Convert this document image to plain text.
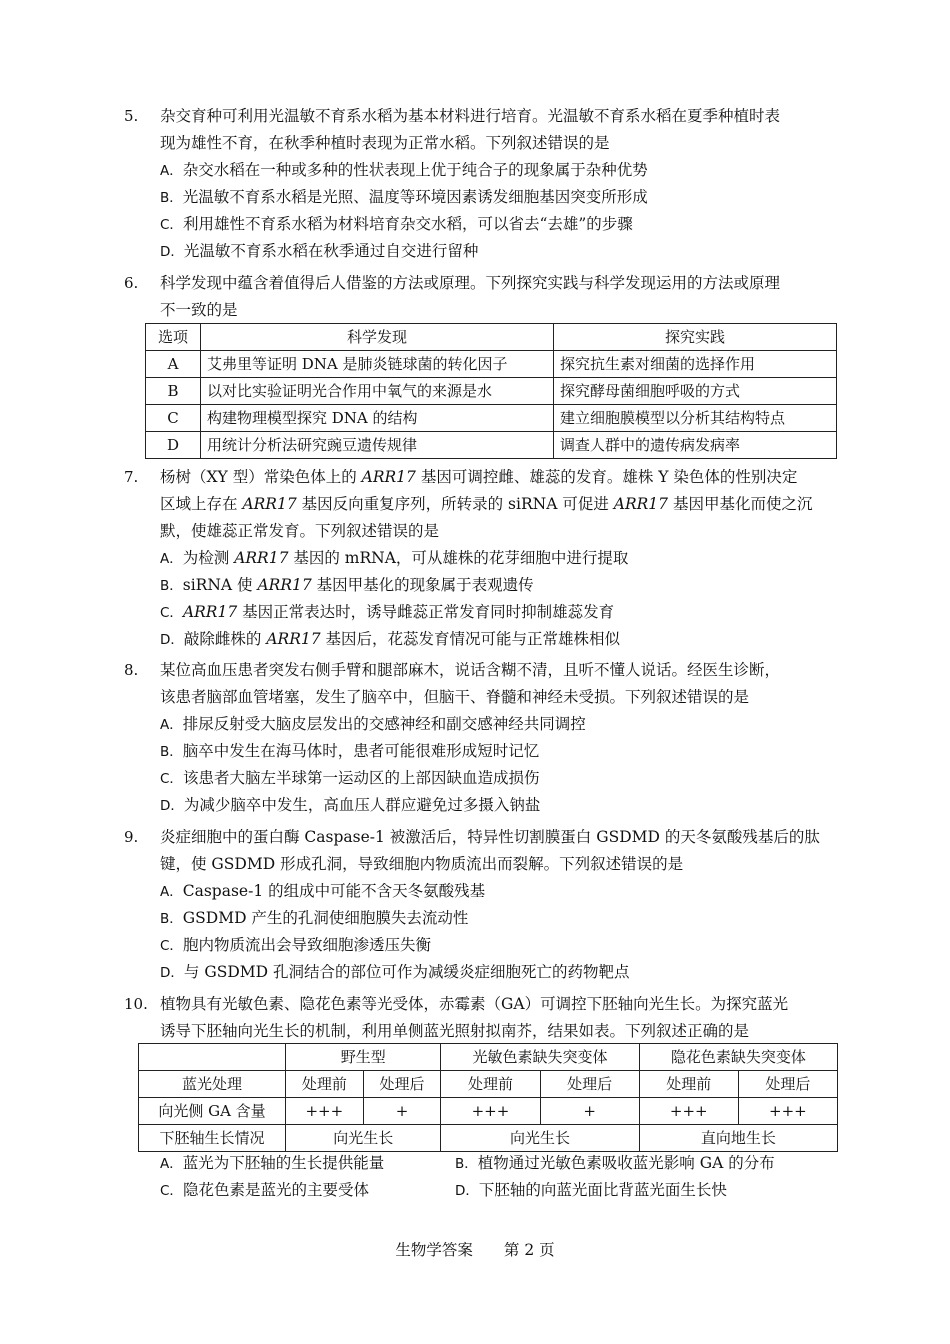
5. 杂交育种可利用光温敏不育系水稻为基本材料进行培育。光温敏不育系水稻在夏季种植时表
现为雄性不育，在秋季种植时表现为正常水稻。下列叙述错误的是
A．杂交水稻在一种或多种的性状表现上优于纯合子的现象属于杂种优势
B．光温敏不育系水稻是光照、温度等环境因素诱发细胞基因突变所形成
C．利用雄性不育系水稻为材料培育杂交水稻，可以省去“去雄”的步骤
D．光温敏不育系水稻在秋季通过自交进行留种
6. 科学发现中蕴含着值得后人借鉴的方法或原理。下列探究实践与科学发现运用的方法或原理
不一致的是
选项	科学发现	探究实践
A	艾弗里等证明 DNA 是肺炎链球菌的转化因子	探究抗生素对细菌的选择作用
B	以对比实验证明光合作用中氧气的来源是水	探究酵母菌细胞呼吸的方式
C	构建物理模型探究 DNA 的结构	建立细胞膜模型以分析其结构特点
D	用统计分析法研究豌豆遗传规律	调查人群中的遗传病发病率
7. 杨树（XY 型）常染色体上的 ARR17 基因可调控雌、雄蕊的发育。雄株 Y 染色体的性别决定
区域上存在 ARR17 基因反向重复序列，所转录的 siRNA 可促进 ARR17 基因甲基化而使之沉
默，使雄蕊正常发育。下列叙述错误的是
A．为检测 ARR17 基因的 mRNA，可从雄株的花芽细胞中进行提取
B．siRNA 使 ARR17 基因甲基化的现象属于表观遗传
C．ARR17 基因正常表达时，诱导雌蕊正常发育同时抑制雄蕊发育
D．敲除雌株的 ARR17 基因后，花蕊发育情况可能与正常雄株相似
8. 某位高血压患者突发右侧手臂和腿部麻木，说话含糊不清，且听不懂人说话。经医生诊断，
该患者脑部血管堵塞，发生了脑卒中，但脑干、脊髓和神经未受损。下列叙述错误的是
A．排尿反射受大脑皮层发出的交感神经和副交感神经共同调控
B．脑卒中发生在海马体时，患者可能很难形成短时记忆
C．该患者大脑左半球第一运动区的上部因缺血造成损伤
D．为减少脑卒中发生，高血压人群应避免过多摄入钠盐
9. 炎症细胞中的蛋白酶 Caspase-1 被激活后，特异性切割膜蛋白 GSDMD 的天冬氨酸残基后的肽
键，使 GSDMD 形成孔洞，导致细胞内物质流出而裂解。下列叙述错误的是
A．Caspase-1 的组成中可能不含天冬氨酸残基
B．GSDMD 产生的孔洞使细胞膜失去流动性
C．胞内物质流出会导致细胞渗透压失衡
D．与 GSDMD 孔洞结合的部位可作为减缓炎症细胞死亡的药物靶点
10. 植物具有光敏色素、隐花色素等光受体，赤霉素（GA）可调控下胚轴向光生长。为探究蓝光
诱导下胚轴向光生长的机制，利用单侧蓝光照射拟南芥，结果如表。下列叙述正确的是
	野生型		光敏色素缺失突变体		隐花色素缺失突变体	
蓝光处理	处理前	处理后	处理前	处理后	处理前	处理后
向光侧 GA 含量	+++	+	+++	+	+++	+++
下胚轴生长情况	向光生长		向光生长		直向地生长	
A．蓝光为下胚轴的生长提供能量	B．植物通过光敏色素吸收蓝光影响 GA 的分布
C．隐花色素是蓝光的主要受体	D．下胚轴的向蓝光面比背蓝光面生长快
生物学答案　　第 2 页
